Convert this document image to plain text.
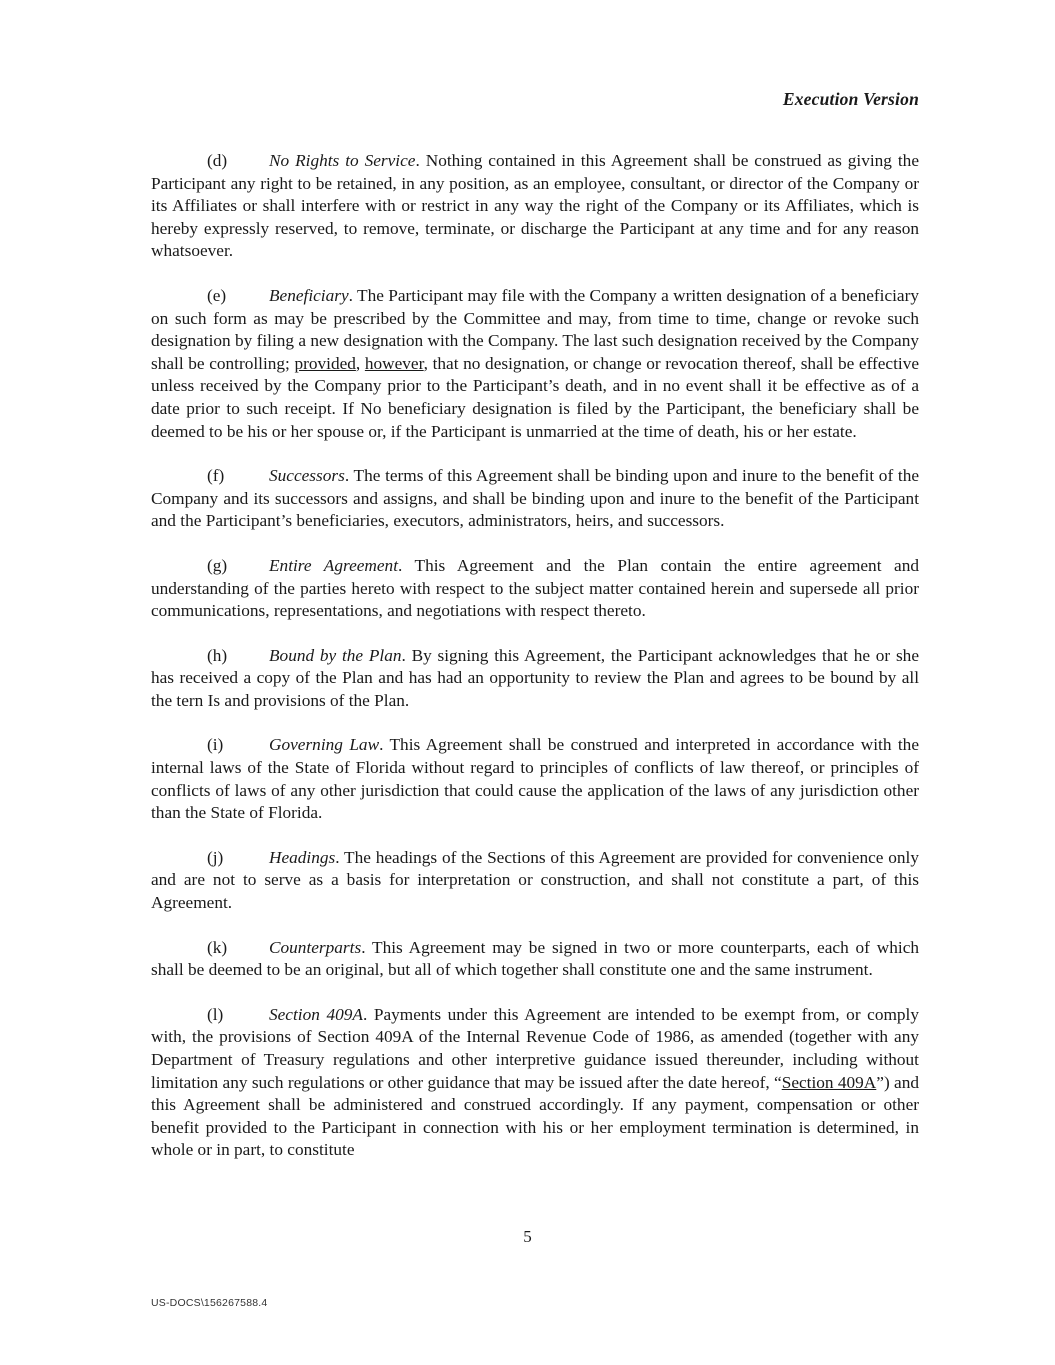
Execution Version

(d) No Rights to Service. Nothing contained in this Agreement shall be construed as giving the Participant any right to be retained, in any position, as an employee, consultant, or director of the Company or its Affiliates or shall interfere with or restrict in any way the right of the Company or its Affiliates, which is hereby expressly reserved, to remove, terminate, or discharge the Participant at any time and for any reason whatsoever.

(e) Beneficiary. The Participant may file with the Company a written designation of a beneficiary on such form as may be prescribed by the Committee and may, from time to time, change or revoke such designation by filing a new designation with the Company. The last such designation received by the Company shall be controlling; provided, however, that no designation, or change or revocation thereof, shall be effective unless received by the Company prior to the Participant’s death, and in no event shall it be effective as of a date prior to such receipt. If No beneficiary designation is filed by the Participant, the beneficiary shall be deemed to be his or her spouse or, if the Participant is unmarried at the time of death, his or her estate.

(f)	Successors. The terms of this Agreement shall be binding upon and inure to the benefit of the Company and its successors and assigns, and shall be binding upon and inure to the benefit of the Participant and the Participant’s beneficiaries, executors, administrators, heirs, and successors.

(g) Entire Agreement. This Agreement and the Plan contain the entire agreement and understanding of the parties hereto with respect to the subject matter contained herein and supersede all prior communications, representations, and negotiations with respect thereto.

(h) Bound by the Plan. By signing this Agreement, the Participant acknowledges that he or she has received a copy of the Plan and has had an opportunity to review the Plan and agrees to be bound by all the tern Is and provisions of the Plan.

(i)	Governing Law. This Agreement shall be construed and interpreted in accordance with the internal laws of the State of Florida without regard to principles of conflicts of law thereof, or principles of conflicts of laws of any other jurisdiction that could cause the application of the laws of any jurisdiction other than the State of Florida.

(j)	Headings. The headings of the Sections of this Agreement are provided for convenience only and are not to serve as a basis for interpretation or construction, and shall not constitute a part, of this Agreement.

(k) Counterparts. This Agreement may be signed in two or more counterparts, each of which shall be deemed to be an original, but all of which together shall constitute one and the same instrument.

(l)	Section 409A. Payments under this Agreement are intended to be exempt from, or comply with, the provisions of Section 409A of the Internal Revenue Code of 1986, as amended (together with any Department of Treasury regulations and other interpretive guidance issued thereunder, including without limitation any such regulations or other guidance that may be issued after the date hereof, “Section 409A”) and this Agreement shall be administered and construed accordingly. If any payment, compensation or other benefit provided to the Participant in connection with his or her employment termination is determined, in whole or in part, to constitute

5
US-DOCS\156267588.4
